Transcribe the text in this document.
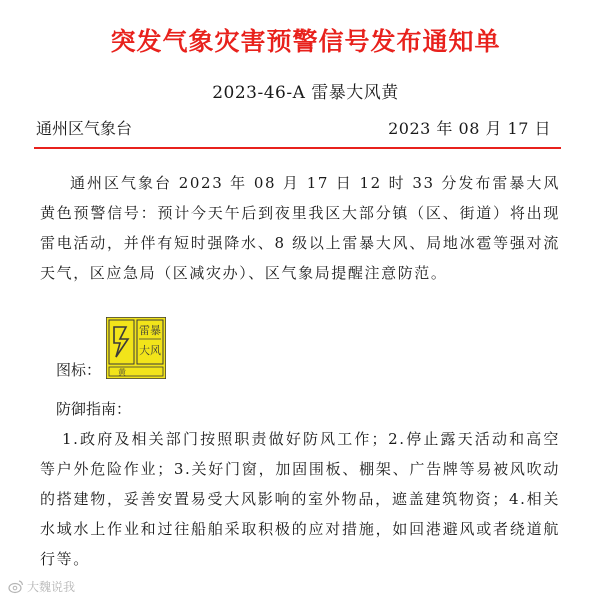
突发气象灾害预警信号发布通知单
2023-46-A 雷暴大风黄
通州区气象台	2023 年 08 月 17 日

通州区气象台 2023 年 08 月 17 日 12 时 33 分发布雷暴大风黄色预警信号：预计今天午后到夜里我区大部分镇（区、街道）将出现雷电活动，并伴有短时强降水、8 级以上雷暴大风、局地冰雹等强对流天气，区应急局（区减灾办）、区气象局提醒注意防范。

图标：
雷暴
大风
黄
防御指南：

1.政府及相关部门按照职责做好防风工作；2.停止露天活动和高空等户外危险作业；3.关好门窗，加固围板、棚架、广告牌等易被风吹动的搭建物，妥善安置易受大风影响的室外物品，遮盖建筑物资；4.相关水域水上作业和过往船舶采取积极的应对措施，如回港避风或者绕道航行等。

大魏说我
